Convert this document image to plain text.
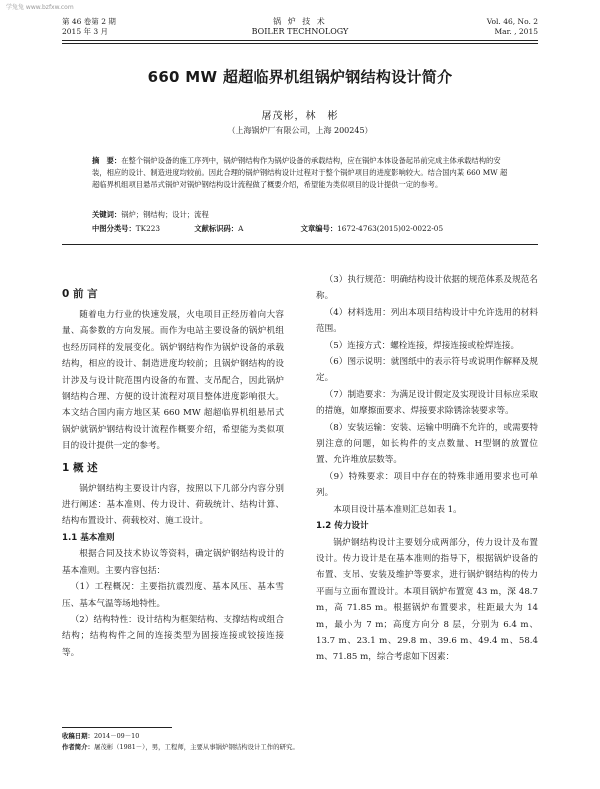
学兔兔 www.bzfxw.com
第 46 卷第 2 期
2015 年 3 月
锅 炉 技 术
BOILER TECHNOLOGY
Vol. 46, No. 2
Mar. , 2015
660 MW 超超临界机组锅炉钢结构设计简介
屠茂彬，林　彬
（上海锅炉厂有限公司，上海 200245）
摘　要：在整个锅炉设备的施工序列中，锅炉钢结构作为锅炉设备的承载结构，应在锅炉本体设备起吊前完成主体承载结构的安装，相应的设计、制造进度均较前。因此合理的锅炉钢结构设计过程对于整个锅炉项目的进度影响较大。结合国内某 660 MW 超超临界机组项目悬吊式锅炉对锅炉钢结构设计流程做了概要介绍，希望能为类似项目的设计提供一定的参考。
关键词：锅炉；钢结构；设计；流程
中图分类号：TK223	文献标识码：A	文章编号：1672-4763(2015)02-0022-05
0 前 言

随着电力行业的快速发展，火电项目正经历着向大容量、高参数的方向发展。而作为电站主要设备的锅炉机组也经历同样的发展变化。锅炉钢结构作为锅炉设备的承载结构，相应的设计、制造进度均较前；且锅炉钢结构的设计涉及与设计院范围内设备的布置、支吊配合，因此锅炉钢结构合理、方便的设计流程对项目整体进度影响很大。本文结合国内南方地区某 660 MW 超超临界机组悬吊式锅炉就锅炉钢结构设计流程作概要介绍，希望能为类似项目的设计提供一定的参考。

1 概 述

锅炉钢结构主要设计内容，按照以下几部分内容分别进行阐述：基本准则、传力设计、荷载统计、结构计算、结构布置设计、荷载校对、施工设计。

1.1 基本准则

根据合同及技术协议等资料，确定锅炉钢结构设计的基本准则。主要内容包括：

（1）工程概况：主要指抗震烈度、基本风压、基本雪压、基本气温等场地特性。

（2）结构特性：设计结构为框架结构、支撑结构或组合结构；结构构件之间的连接类型为固接连接或铰接连接等。

（3）执行规范：明确结构设计依据的规范体系及规范名称。

（4）材料选用：列出本项目结构设计中允许选用的材料范围。

（5）连接方式：螺栓连接，焊接连接或栓焊连接。

（6）图示说明：就图纸中的表示符号或说明作解释及规定。

（7）制造要求：为满足设计假定及实现设计目标应采取的措施，如摩擦面要求、焊接要求除锈涂装要求等。

（8）安装运输：安装、运输中明确不允许的，或需要特别注意的问题，如长构件的支点数量、H型钢的放置位置、允许堆放层数等。

（9）特殊要求：项目中存在的特殊非通用要求也可单列。

本项目设计基本准则汇总如表 1。

1.2 传力设计

锅炉钢结构设计主要划分成两部分，传力设计及布置设计。传力设计是在基本准则的指导下，根据锅炉设备的布置、支吊、安装及维护等要求，进行锅炉钢结构的传力平面与立面布置设计。本项目锅炉布置宽 43 m，深 48.7 m，高 71.85 m。根据锅炉布置要求，柱距最大为 14 m，最小为 7 m；高度方向分 8 层，分别为 6.4 m、13.7 m、23.1 m、29.8 m、39.6 m、49.4 m、58.4 m、71.85 m，综合考虑如下因素：

收稿日期：2014－09－10
作者简介：屠茂彬（1981－），男，工程师，主要从事锅炉钢结构设计工作的研究。
